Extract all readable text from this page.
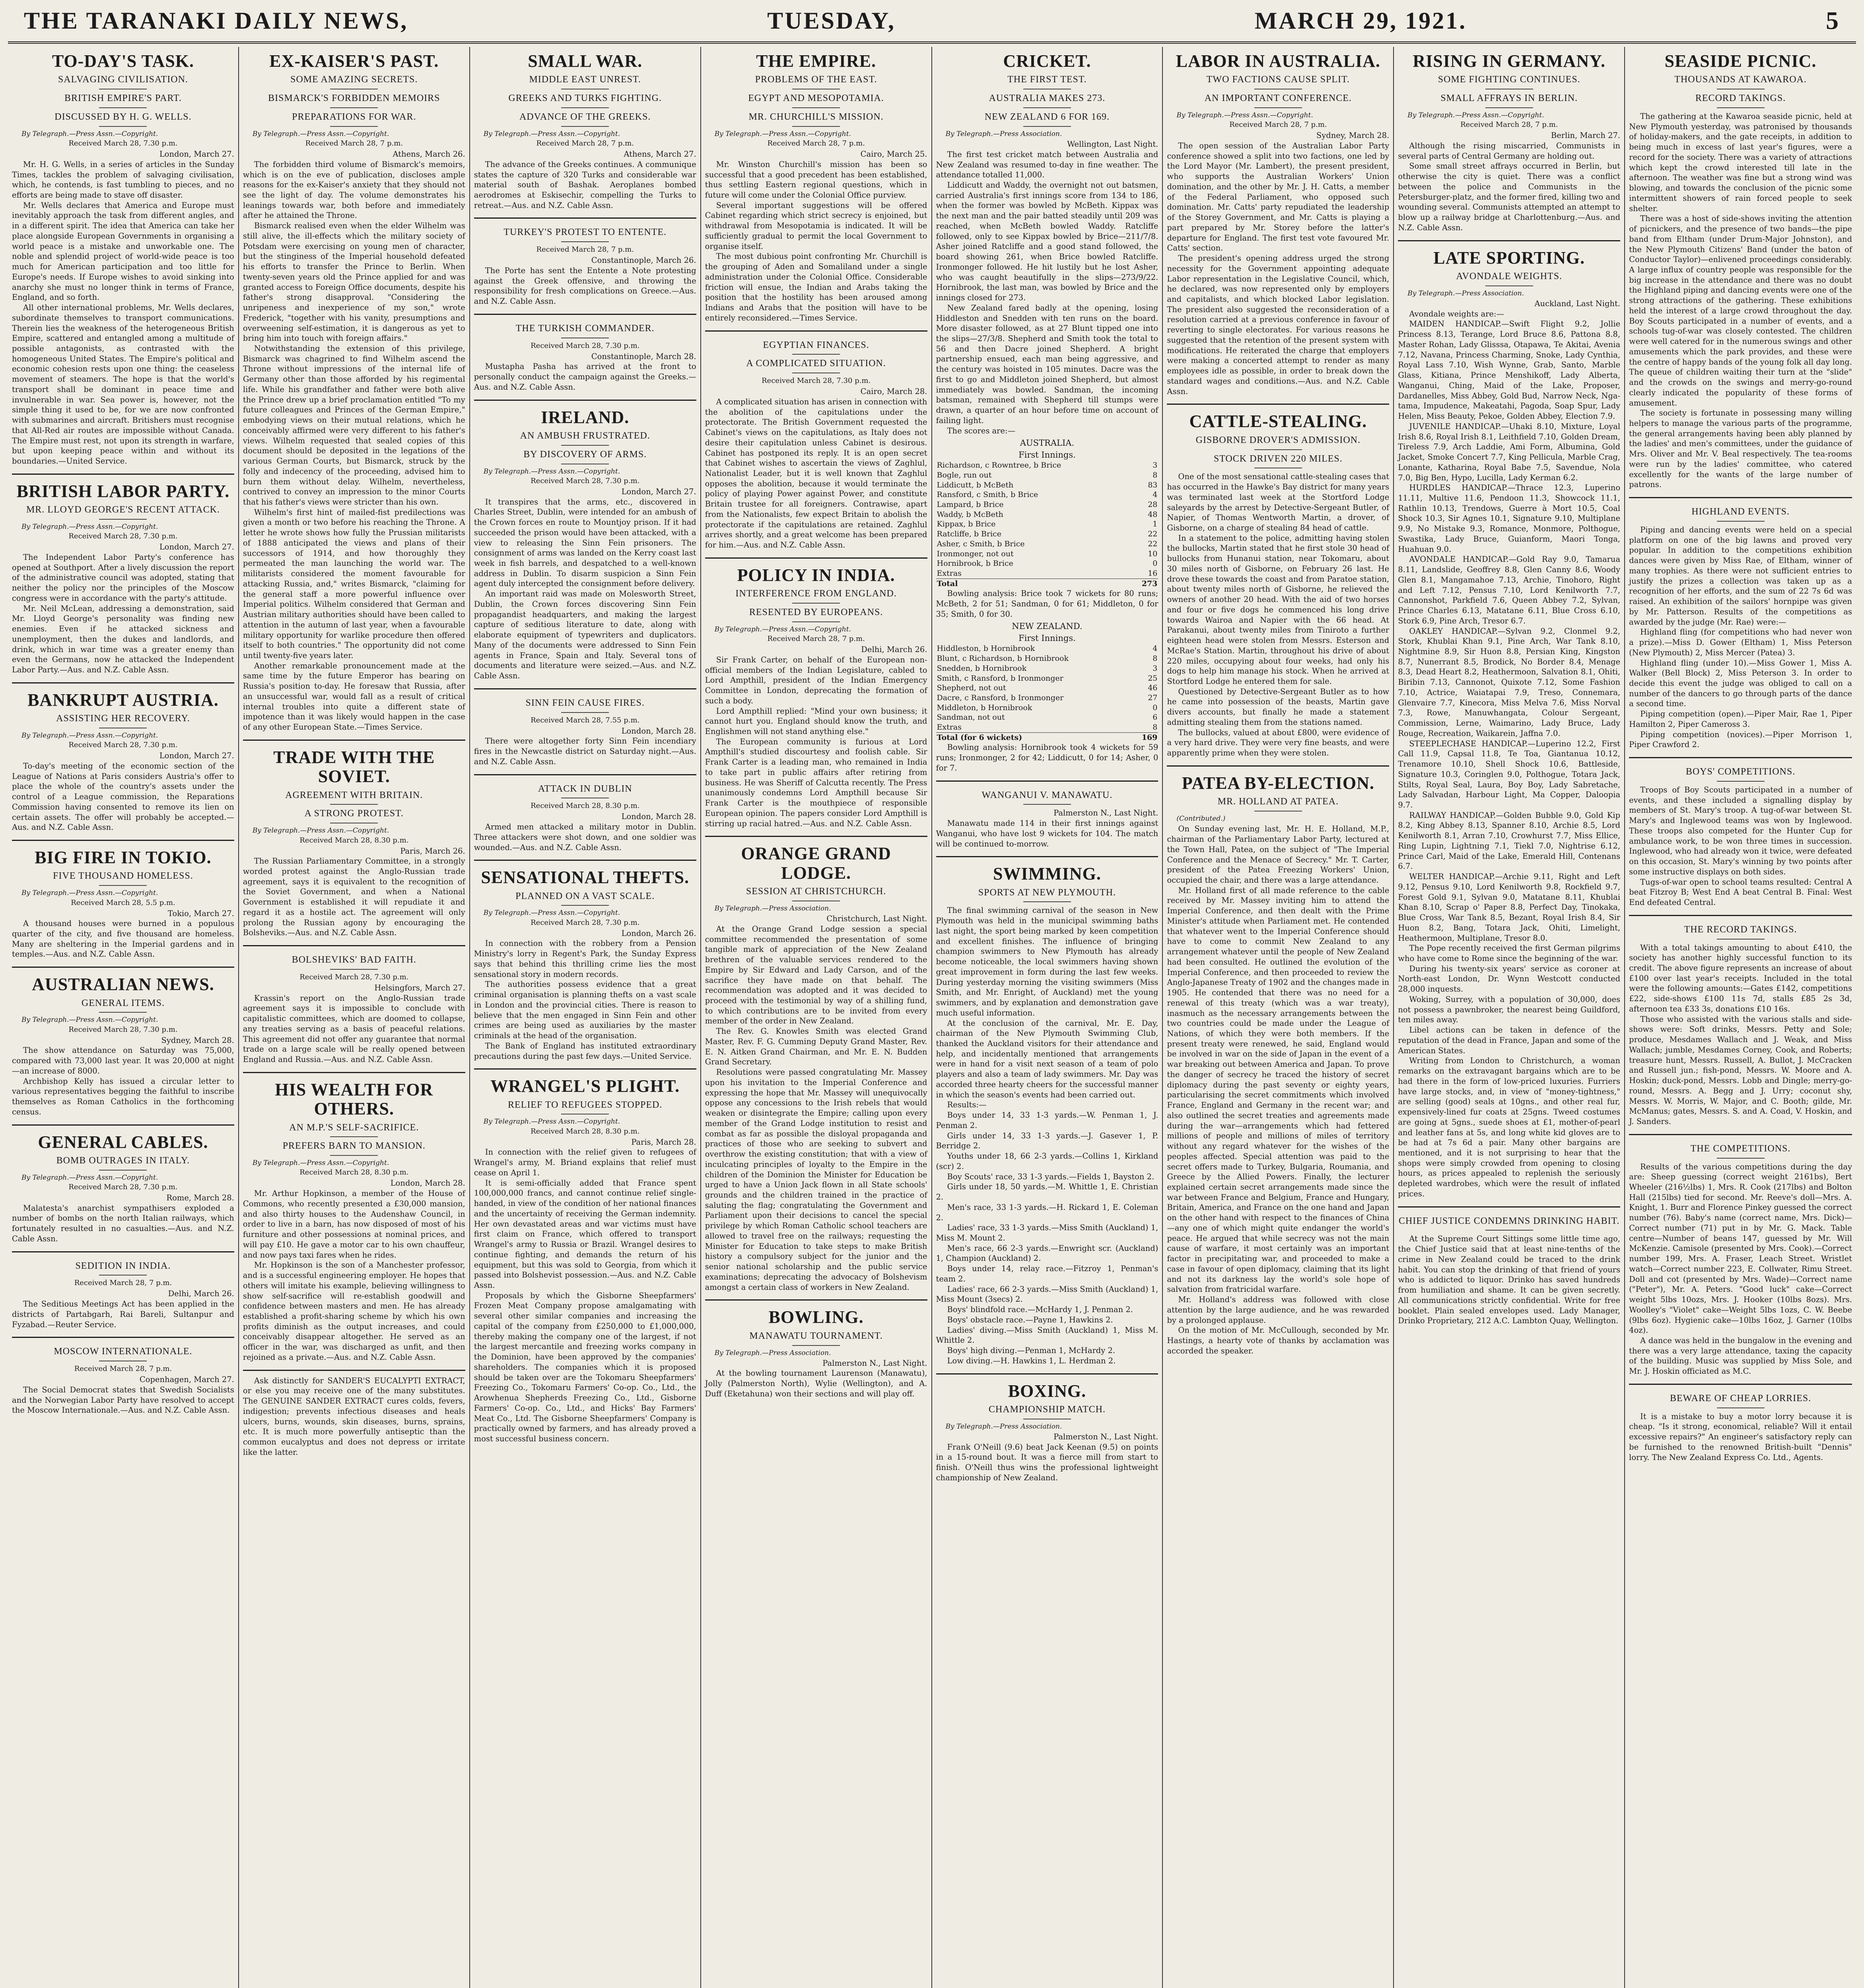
THE TARANAKI DAILY NEWS,	TUESDAY,	MARCH 29, 1921.	5
TO-DAY'S TASK.
SALVAGING CIVILISATION.
BRITISH EMPIRE'S PART.
DISCUSSED BY H. G. WELLS.
By Telegraph.—Press Assn.—Copyright.
Received March 28, 7.30 p.m.

London, March 27.

Mr. H. G. Wells, in a series of articles in the Sunday Times, tackles the problem of salvaging civilisation, which, he contends, is fast tumbling to pieces, and no efforts are being made to stave off disaster.

Mr. Wells declares that America and Europe must inevitably approach the task from different angles, and in a different spirit. The idea that America can take her place alongside European Governments in organising a world peace is a mistake and unworkable one. The noble and splendid project of world-wide peace is too much for American participation and too little for Europe's needs. If Europe wishes to avoid sinking into anarchy she must no longer think in terms of France, England, and so forth.

All other international problems, Mr. Wells declares, subordinate themselves to transport communications. Therein lies the weakness of the heterogeneous British Empire, scattered and entangled among a multitude of possible antagonists, as contrasted with the homogeneous United States. The Empire's political and economic cohesion rests upon one thing: the ceaseless movement of steamers. The hope is that the world's transport shall be dominant in peace time and invulnerable in war. Sea power is, however, not the simple thing it used to be, for we are now confronted with submarines and aircraft. Britishers must recognise that All-Red air routes are impossible without Canada. The Empire must rest, not upon its strength in warfare, but upon keeping peace within and without its boundaries.—United Service.

BRITISH LABOR PARTY.
MR. LLOYD GEORGE'S RECENT ATTACK.
By Telegraph.—Press Assn.—Copyright.
Received March 28, 7.30 p.m.

London, March 27.

The Independent Labor Party's conference has opened at Southport. After a lively discussion the report of the administrative council was adopted, stating that neither the policy nor the principles of the Moscow congress were in accordance with the party's attitude.

Mr. Neil McLean, addressing a demonstration, said Mr. Lloyd George's personality was finding new enemies. Even if he attacked sickness and unemployment, then the dukes and landlords, and drink, which in war time was a greater enemy than even the Germans, now he attacked the Independent Labor Party.—Aus. and N.Z. Cable Assn.

BANKRUPT AUSTRIA.
ASSISTING HER RECOVERY.
By Telegraph.—Press Assn.—Copyright.
Received March 28, 7.30 p.m.

London, March 27.

To-day's meeting of the economic section of the League of Nations at Paris considers Austria's offer to place the whole of the country's assets under the control of a League commission, the Reparations Commission having consented to remove its lien on certain assets. The offer will probably be accepted.—Aus. and N.Z. Cable Assn.

BIG FIRE IN TOKIO.
FIVE THOUSAND HOMELESS.
By Telegraph.—Press Assn.—Copyright.
Received March 28, 5.5 p.m.

Tokio, March 27.

A thousand houses were burned in a populous quarter of the city, and five thousand are homeless. Many are sheltering in the Imperial gardens and in temples.—Aus. and N.Z. Cable Assn.

AUSTRALIAN NEWS.
GENERAL ITEMS.
By Telegraph.—Press Assn.—Copyright.
Received March 28, 7.30 p.m.

Sydney, March 28.

The show attendance on Saturday was 75,000, compared with 73,000 last year. It was 20,000 at night—an increase of 8000.

Archbishop Kelly has issued a circular letter to various representatives begging the faithful to inscribe themselves as Roman Catholics in the forthcoming census.

GENERAL CABLES.
BOMB OUTRAGES IN ITALY.
By Telegraph.—Press Assn.—Copyright.
Received March 28, 7.30 p.m.

Rome, March 28.

Malatesta's anarchist sympathisers exploded a number of bombs on the north Italian railways, which fortunately resulted in no casualties.—Aus. and N.Z. Cable Assn.

SEDITION IN INDIA.
Received March 28, 7 p.m.

Delhi, March 26.

The Seditious Meetings Act has been applied in the districts of Partabgarh, Rai Bareli, Sultanpur and Fyzabad.—Reuter Service.

MOSCOW INTERNATIONALE.
Received March 28, 7 p.m.

Copenhagen, March 27.

The Social Democrat states that Swedish Socialists and the Norwegian Labor Party have resolved to accept the Moscow Internationale.—Aus. and N.Z. Cable Assn.

EX-KAISER'S PAST.
SOME AMAZING SECRETS.
BISMARCK'S FORBIDDEN MEMOIRS
PREPARATIONS FOR WAR.
By Telegraph.—Press Assn.—Copyright.
Received March 28, 7 p.m.

Athens, March 26.

The forbidden third volume of Bismarck's memoirs, which is on the eve of publication, discloses ample reasons for the ex-Kaiser's anxiety that they should not see the light of day. The volume demonstrates his leanings towards war, both before and immediately after he attained the Throne.

Bismarck realised even when the elder Wilhelm was still alive, the ill-effects which the military society of Potsdam were exercising on young men of character, but the stinginess of the Imperial household defeated his efforts to transfer the Prince to Berlin. When twenty-seven years old the Prince applied for and was granted access to Foreign Office documents, despite his father's strong disapproval. "Considering the unripeness and inexperience of my son," wrote Frederick, "together with his vanity, presumptions and overweening self-estimation, it is dangerous as yet to bring him into touch with foreign affairs."

Notwithstanding the extension of this privilege, Bismarck was chagrined to find Wilhelm ascend the Throne without impressions of the internal life of Germany other than those afforded by his regimental life. While his grandfather and father were both alive the Prince drew up a brief proclamation entitled "To my future colleagues and Princes of the German Empire," embodying views on their mutual relations, which he conceivably affirmed were very different to his father's views. Wilhelm requested that sealed copies of this document should be deposited in the legations of the various German Courts, but Bismarck, struck by the folly and indecency of the proceeding, advised him to burn them without delay. Wilhelm, nevertheless, contrived to convey an impression to the minor Courts that his father's views were stricter than his own.

Wilhelm's first hint of mailed-fist predilections was given a month or two before his reaching the Throne. A letter he wrote shows how fully the Prussian militarists of 1888 anticipated the views and plans of their successors of 1914, and how thoroughly they permeated the man launching the world war. The militarists considered the moment favourable for attacking Russia, and," writes Bismarck, "claiming for the general staff a more powerful influence over Imperial politics. Wilhelm considered that German and Austrian military authorities should have been called to attention in the autumn of last year, when a favourable military opportunity for warlike procedure then offered itself to both countries." The opportunity did not come until twenty-five years later.

Another remarkable pronouncement made at the same time by the future Emperor has bearing on Russia's position to-day. He foresaw that Russia, after an unsuccessful war, would fall as a result of critical internal troubles into quite a different state of impotence than it was likely would happen in the case of any other European State.—Times Service.

TRADE WITH THE SOVIET.
AGREEMENT WITH BRITAIN.
A STRONG PROTEST.
By Telegraph.—Press Assn.—Copyright.
Received March 28, 8.30 p.m.

Paris, March 26.

The Russian Parliamentary Committee, in a strongly worded protest against the Anglo-Russian trade agreement, says it is equivalent to the recognition of the Soviet Government, and when a National Government is established it will repudiate it and regard it as a hostile act. The agreement will only prolong the Russian agony by encouraging the Bolsheviks.—Aus. and N.Z. Cable Assn.

BOLSHEVIKS' BAD FAITH.
Received March 28, 7.30 p.m.

Helsingfors, March 27.

Krassin's report on the Anglo-Russian trade agreement says it is impossible to conclude with capitalistic committees, which are doomed to collapse, any treaties serving as a basis of peaceful relations. This agreement did not offer any guarantee that normal trade on a large scale will be really opened between England and Russia.—Aus. and N.Z. Cable Assn.

HIS WEALTH FOR OTHERS.
AN M.P.'S SELF-SACRIFICE.
PREFERS BARN TO MANSION.
By Telegraph.—Press Assn.—Copyright.
Received March 28, 8.30 p.m.

London, March 28.

Mr. Arthur Hopkinson, a member of the House of Commons, who recently presented a £30,000 mansion, and also thirty houses to the Audenshaw Council, in order to live in a barn, has now disposed of most of his furniture and other possessions at nominal prices, and will pay £10. He gave a motor car to his own chauffeur, and now pays taxi fares when he rides.

Mr. Hopkinson is the son of a Manchester professor, and is a successful engineering employer. He hopes that others will imitate his example, believing willingness to show self-sacrifice will re-establish goodwill and confidence between masters and men. He has already established a profit-sharing scheme by which his own profits diminish as the output increases, and could conceivably disappear altogether. He served as an officer in the war, was discharged as unfit, and then rejoined as a private.—Aus. and N.Z. Cable Assn.

Ask distinctly for SANDER'S EUCALYPTI EXTRACT, or else you may receive one of the many substitutes. The GENUINE SANDER EXTRACT cures colds, fevers, indigestion; prevents infectious diseases and heals ulcers, burns, wounds, skin diseases, burns, sprains, etc. It is much more powerfully antiseptic than the common eucalyptus and does not depress or irritate like the latter.

SMALL WAR.
MIDDLE EAST UNREST.
GREEKS AND TURKS FIGHTING.
ADVANCE OF THE GREEKS.
By Telegraph.—Press Assn.—Copyright.
Received March 28, 7 p.m.

Athens, March 27.

The advance of the Greeks continues. A communique states the capture of 320 Turks and considerable war material south of Bashak. Aeroplanes bombed aerodromes at Eskisechir, compelling the Turks to retreat.—Aus. and N.Z. Cable Assn.

TURKEY'S PROTEST TO ENTENTE.
Received March 28, 7 p.m.

Constantinople, March 26.

The Porte has sent the Entente a Note protesting against the Greek offensive, and throwing the responsibility for fresh complications on Greece.—Aus. and N.Z. Cable Assn.

THE TURKISH COMMANDER.
Received March 28, 7.30 p.m.

Constantinople, March 28.

Mustapha Pasha has arrived at the front to personally conduct the campaign against the Greeks.—Aus. and N.Z. Cable Assn.

IRELAND.
AN AMBUSH FRUSTRATED.
BY DISCOVERY OF ARMS.
By Telegraph.—Press Assn.—Copyright.
Received March 28, 7.30 p.m.

London, March 27.

It transpires that the arms, etc., discovered in Charles Street, Dublin, were intended for an ambush of the Crown forces en route to Mountjoy prison. If it had succeeded the prison would have been attacked, with a view to releasing the Sinn Fein prisoners. The consignment of arms was landed on the Kerry coast last week in fish barrels, and despatched to a well-known address in Dublin. To disarm suspicion a Sinn Fein agent duly intercepted the consignment before delivery.

An important raid was made on Molesworth Street, Dublin, the Crown forces discovering Sinn Fein propagandist headquarters, and making the largest capture of seditious literature to date, along with elaborate equipment of typewriters and duplicators. Many of the documents were addressed to Sinn Fein agents in France, Spain and Italy. Several tons of documents and literature were seized.—Aus. and N.Z. Cable Assn.

SINN FEIN CAUSE FIRES.
Received March 28, 7.55 p.m.

London, March 28.

There were altogether forty Sinn Fein incendiary fires in the Newcastle district on Saturday night.—Aus. and N.Z. Cable Assn.

ATTACK IN DUBLIN
Received March 28, 8.30 p.m.

London, March 28.

Armed men attacked a military motor in Dublin. Three attackers were shot down, and one soldier was wounded.—Aus. and N.Z. Cable Assn.

SENSATIONAL THEFTS.
PLANNED ON A VAST SCALE.
By Telegraph.—Press Assn.—Copyright.
Received March 28, 7.30 p.m.

London, March 26.

In connection with the robbery from a Pension Ministry's lorry in Regent's Park, the Sunday Express says that behind this thrilling crime lies the most sensational story in modern records.

The authorities possess evidence that a great criminal organisation is planning thefts on a vast scale in London and the provincial cities. There is reason to believe that the men engaged in Sinn Fein and other crimes are being used as auxiliaries by the master criminals at the head of the organisation.

The Bank of England has instituted extraordinary precautions during the past few days.—United Service.

WRANGEL'S PLIGHT.
RELIEF TO REFUGEES STOPPED.
By Telegraph.—Press Assn.—Copyright.
Received March 28, 8.30 p.m.

Paris, March 28.

In connection with the relief given to refugees of Wrangel's army, M. Briand explains that relief must cease on April 1.

It is semi-officially added that France spent 100,000,000 francs, and cannot continue relief single-handed, in view of the condition of her national finances and the uncertainty of receiving the German indemnity. Her own devastated areas and war victims must have first claim on France, which offered to transport Wrangel's army to Russia or Brazil. Wrangel desires to continue fighting, and demands the return of his equipment, but this was sold to Georgia, from which it passed into Bolshevist possession.—Aus. and N.Z. Cable Assn.

Proposals by which the Gisborne Sheepfarmers' Frozen Meat Company propose amalgamating with several other similar companies and increasing the capital of the company from £250,000 to £1,000,000, thereby making the company one of the largest, if not the largest mercantile and freezing works company in the Dominion, have been approved by the companies' shareholders. The companies which it is proposed should be taken over are the Tokomaru Sheepfarmers' Freezing Co., Tokomaru Farmers' Co-op. Co., Ltd., the Arowhenua Shepherds Freezing Co., Ltd., Gisborne Farmers' Co-op. Co., Ltd., and Hicks' Bay Farmers' Meat Co., Ltd. The Gisborne Sheepfarmers' Company is practically owned by farmers, and has already proved a most successful business concern.

THE EMPIRE.
PROBLEMS OF THE EAST.
EGYPT AND MESOPOTAMIA.
MR. CHURCHILL'S MISSION.
By Telegraph.—Press Assn.—Copyright.
Received March 28, 7 p.m.

Cairo, March 25.

Mr. Winston Churchill's mission has been so successful that a good precedent has been established, thus settling Eastern regional questions, which in future will come under the Colonial Office purview.

Several important suggestions will be offered Cabinet regarding which strict secrecy is enjoined, but withdrawal from Mesopotamia is indicated. It will be sufficiently gradual to permit the local Government to organise itself.

The most dubious point confronting Mr. Churchill is the grouping of Aden and Somaliland under a single administration under the Colonial Office. Considerable friction will ensue, the Indian and Arabs taking the position that the hostility has been aroused among Indians and Arabs that the position will have to be entirely reconsidered.—Times Service.

EGYPTIAN FINANCES.
A COMPLICATED SITUATION.
Received March 28, 7.30 p.m.

Cairo, March 28.

A complicated situation has arisen in connection with the abolition of the capitulations under the protectorate. The British Government requested the Cabinet's views on the capitulations, as Italy does not desire their capitulation unless Cabinet is desirous. Cabinet has postponed its reply. It is an open secret that Cabinet wishes to ascertain the views of Zaghlul, Nationalist Leader, but it is well known that Zaghlul opposes the abolition, because it would terminate the policy of playing Power against Power, and constitute Britain trustee for all foreigners. Contrawise, apart from the Nationalists, few expect Britain to abolish the protectorate if the capitulations are retained. Zaghlul arrives shortly, and a great welcome has been prepared for him.—Aus. and N.Z. Cable Assn.

POLICY IN INDIA.
INTERFERENCE FROM ENGLAND.
RESENTED BY EUROPEANS.
By Telegraph.—Press Assn.—Copyright.
Received March 28, 7 p.m.

Delhi, March 26.

Sir Frank Carter, on behalf of the European non-official members of the Indian Legislature, cabled to Lord Ampthill, president of the Indian Emergency Committee in London, deprecating the formation of such a body.

Lord Ampthill replied: "Mind your own business; it cannot hurt you. England should know the truth, and Englishmen will not stand anything else."

The European community is furious at Lord Ampthill's studied discourtesy and foolish cable. Sir Frank Carter is a leading man, who remained in India to take part in public affairs after retiring from business. He was Sheriff of Calcutta recently. The Press unanimously condemns Lord Ampthill because Sir Frank Carter is the mouthpiece of responsible European opinion. The papers consider Lord Ampthill is stirring up racial hatred.—Aus. and N.Z. Cable Assn.

ORANGE GRAND LODGE.
SESSION AT CHRISTCHURCH.
By Telegraph.—Press Association.

Christchurch, Last Night.

At the Orange Grand Lodge session a special committee recommended the presentation of some tangible mark of appreciation of the New Zealand brethren of the valuable services rendered to the Empire by Sir Edward and Lady Carson, and of the sacrifice they have made on that behalf. The recommendation was adopted and it was decided to proceed with the testimonial by way of a shilling fund, to which contributions are to be invited from every member of the order in New Zealand.

The Rev. G. Knowles Smith was elected Grand Master, Rev. F. G. Cumming Deputy Grand Master, Rev. E. N. Aitken Grand Chairman, and Mr. E. N. Budden Grand Secretary.

Resolutions were passed congratulating Mr. Massey upon his invitation to the Imperial Conference and expressing the hope that Mr. Massey will unequivocally oppose any concessions to the Irish rebels that would weaken or disintegrate the Empire; calling upon every member of the Grand Lodge institution to resist and combat as far as possible the disloyal propaganda and practices of those who are seeking to subvert and overthrow the existing constitution; that with a view of inculcating principles of loyalty to the Empire in the children of the Dominion the Minister for Education be urged to have a Union Jack flown in all State schools' grounds and the children trained in the practice of saluting the flag; congratulating the Government and Parliament upon their decisions to cancel the special privilege by which Roman Catholic school teachers are allowed to travel free on the railways; requesting the Minister for Education to take steps to make British history a compulsory subject for the junior and the senior national scholarship and the public service examinations; deprecating the advocacy of Bolshevism amongst a certain class of workers in New Zealand.

BOWLING.
MANAWATU TOURNAMENT.
By Telegraph.—Press Association.

Palmerston N., Last Night.

At the bowling tournament Laurenson (Manawatu), Jolly (Palmerston North), Wylie (Wellington), and A. Duff (Eketahuna) won their sections and will play off.

CRICKET.
THE FIRST TEST.
AUSTRALIA MAKES 273.
NEW ZEALAND 6 FOR 169.
By Telegraph.—Press Association.

Wellington, Last Night.

The first test cricket match between Australia and New Zealand was resumed to-day in fine weather. The attendance totalled 11,000.

Liddicutt and Waddy, the overnight not out batsmen, carried Australia's first innings score from 134 to 186, when the former was bowled by McBeth. Kippax was the next man and the pair batted steadily until 209 was reached, when McBeth bowled Waddy. Ratcliffe followed, only to see Kippax bowled by Brice—211/7/8. Asher joined Ratcliffe and a good stand followed, the board showing 261, when Brice bowled Ratcliffe. Ironmonger followed. He hit lustily but he lost Asher, who was caught beautifully in the slips—273/9/22. Hornibrook, the last man, was bowled by Brice and the innings closed for 273.

New Zealand fared badly at the opening, losing Hiddleston and Snedden with ten runs on the board. More disaster followed, as at 27 Blunt tipped one into the slips—27/3/8. Shepherd and Smith took the total to 56 and then Dacre joined Shepherd. A bright partnership ensued, each man being aggressive, and the century was hoisted in 105 minutes. Dacre was the first to go and Middleton joined Shepherd, but almost immediately was bowled. Sandman, the incoming batsman, remained with Shepherd till stumps were drawn, a quarter of an hour before time on account of failing light.

The scores are:—

AUSTRALIA.
First Innings.
Richardson, c Rowntree, b Brice	3
Bogle, run out	8
Liddicutt, b McBeth	83
Ransford, c Smith, b Brice	4
Lampard, b Brice	28
Waddy, b McBeth	48
Kippax, b Brice	1
Ratcliffe, b Brice	22
Asher, c Smith, b Brice	22
Ironmonger, not out	10
Hornibrook, b Brice	0
Extras	16
Total	273

Bowling analysis: Brice took 7 wickets for 80 runs; McBeth, 2 for 51; Sandman, 0 for 61; Middleton, 0 for 35; Smith, 0 for 30.

NEW ZEALAND.
First Innings.
Hiddleston, b Hornibrook	4
Blunt, c Richardson, b Hornibrook	8
Snedden, b Hornibrook	3
Smith, c Ransford, b Ironmonger	25
Shepherd, not out	46
Dacre, c Ransford, b Ironmonger	27
Middleton, b Hornibrook	0
Sandman, not out	6
Extras	8
Total (for 6 wickets)	169

Bowling analysis: Hornibrook took 4 wickets for 59 runs; Ironmonger, 2 for 42; Liddicutt, 0 for 14; Asher, 0 for 7.

WANGANUI V. MANAWATU.

Palmerston N., Last Night.

Manawatu made 114 in their first innings against Wanganui, who have lost 9 wickets for 104. The match will be continued to-morrow.

SWIMMING.
SPORTS AT NEW PLYMOUTH.

The final swimming carnival of the season in New Plymouth was held in the municipal swimming baths last night, the sport being marked by keen competition and excellent finishes. The influence of bringing champion swimmers to New Plymouth has already become noticeable, the local swimmers having shown great improvement in form during the last few weeks. During yesterday morning the visiting swimmers (Miss Smith, and Mr. Enright, of Auckland) met the young swimmers, and by explanation and demonstration gave much useful information.

At the conclusion of the carnival, Mr. E. Day, chairman of the New Plymouth Swimming Club, thanked the Auckland visitors for their attendance and help, and incidentally mentioned that arrangements were in hand for a visit next season of a team of polo players and also a team of lady swimmers. Mr. Day was accorded three hearty cheers for the successful manner in which the season's events had been carried out.

Results:—

Boys under 14, 33 1-3 yards.—W. Penman 1, J. Penman 2.

Girls under 14, 33 1-3 yards.—J. Gasever 1, P. Berridge 2.

Youths under 18, 66 2-3 yards.—Collins 1, Kirkland (scr) 2.

Boy Scouts' race, 33 1-3 yards.—Fields 1, Bayston 2.

Girls under 18, 50 yards.—M. Whittle 1, E. Christian 2.

Men's race, 33 1-3 yards.—H. Rickard 1, E. Coleman 2.

Ladies' race, 33 1-3 yards.—Miss Smith (Auckland) 1, Miss M. Mount 2.

Men's race, 66 2-3 yards.—Enwright scr. (Auckland) 1, Champion (Auckland) 2.

Boys under 14, relay race.—Fitzroy 1, Penman's team 2.

Ladies' race, 66 2-3 yards.—Miss Smith (Auckland) 1, Miss Mount (3secs) 2.

Boys' blindfold race.—McHardy 1, J. Penman 2.

Boys' obstacle race.—Payne 1, Hawkins 2.

Ladies' diving.—Miss Smith (Auckland) 1, Miss M. Whittle 2.

Boys' high diving.—Penman 1, McHardy 2.

Low diving.—H. Hawkins 1, L. Herdman 2.

BOXING.
CHAMPIONSHIP MATCH.
By Telegraph.—Press Association.

Palmerston N., Last Night.

Frank O'Neill (9.6) beat Jack Keenan (9.5) on points in a 15-round bout. It was a fierce mill from start to finish. O'Neill thus wins the professional lightweight championship of New Zealand.

LABOR IN AUSTRALIA.
TWO FACTIONS CAUSE SPLIT.
AN IMPORTANT CONFERENCE.
By Telegraph.—Press Assn.—Copyright.
Received March 28, 7 p.m.

Sydney, March 28.

The open session of the Australian Labor Party conference showed a split into two factions, one led by the Lord Mayor (Mr. Lambert), the present president, who supports the Australian Workers' Union domination, and the other by Mr. J. H. Catts, a member of the Federal Parliament, who opposed such domination. Mr. Catts' party repudiated the leadership of the Storey Government, and Mr. Catts is playing a part prepared by Mr. Storey before the latter's departure for England. The first test vote favoured Mr. Catts' section.

The president's opening address urged the strong necessity for the Government appointing adequate Labor representation in the Legislative Council, which, he declared, was now represented only by employers and capitalists, and which blocked Labor legislation. The president also suggested the reconsideration of a resolution carried at a previous conference in favour of reverting to single electorates. For various reasons he suggested that the retention of the present system with modifications. He reiterated the charge that employers were making a concerted attempt to render as many employees idle as possible, in order to break down the standard wages and conditions.—Aus. and N.Z. Cable Assn.

CATTLE-STEALING.
GISBORNE DROVER'S ADMISSION.
STOCK DRIVEN 220 MILES.

One of the most sensational cattle-stealing cases that has occurred in the Hawke's Bay district for many years was terminated last week at the Stortford Lodge saleyards by the arrest by Detective-Sergeant Butler, of Napier, of Thomas Wentworth Martin, a drover, of Gisborne, on a charge of stealing 84 head of cattle.

In a statement to the police, admitting having stolen the bullocks, Martin stated that he first stole 30 head of bullocks from Hunanui station, near Tokomaru, about 30 miles north of Gisborne, on February 26 last. He drove these towards the coast and from Paratoe station, about twenty miles north of Gisborne, he relieved the owners of another 20 head. With the aid of two horses and four or five dogs he commenced his long drive towards Wairoa and Napier with the 66 head. At Parakanui, about twenty miles from Tiniroto a further eighteen head were stolen from Messrs. Esterson and McRae's Station. Martin, throughout his drive of about 220 miles, occupying about four weeks, had only his dogs to help him manage his stock. When he arrived at Stortford Lodge he entered them for sale.

Questioned by Detective-Sergeant Butler as to how he came into possession of the beasts, Martin gave divers accounts, but finally he made a statement admitting stealing them from the stations named.

The bullocks, valued at about £800, were evidence of a very hard drive. They were very fine beasts, and were apparently prime when they were stolen.

PATEA BY-ELECTION.
MR. HOLLAND AT PATEA.
(Contributed.)

On Sunday evening last, Mr. H. E. Holland, M.P., chairman of the Parliamentary Labor Party, lectured at the Town Hall, Patea, on the subject of "The Imperial Conference and the Menace of Secrecy." Mr. T. Carter, president of the Patea Freezing Workers' Union, occupied the chair, and there was a large attendance.

Mr. Holland first of all made reference to the cable received by Mr. Massey inviting him to attend the Imperial Conference, and then dealt with the Prime Minister's attitude when Parliament met. He contended that whatever went to the Imperial Conference should have to come to commit New Zealand to any arrangement whatever until the people of New Zealand had been consulted. He outlined the evolution of the Imperial Conference, and then proceeded to review the Anglo-Japanese Treaty of 1902 and the changes made in 1905. He contended that there was no need for a renewal of this treaty (which was a war treaty), inasmuch as the necessary arrangements between the two countries could be made under the League of Nations, of which they were both members. If the present treaty were renewed, he said, England would be involved in war on the side of Japan in the event of a war breaking out between America and Japan. To prove the danger of secrecy he traced the history of secret diplomacy during the past seventy or eighty years, particularising the secret commitments which involved France, England and Germany in the recent war; and also outlined the secret treaties and agreements made during the war—arrangements which had fettered millions of people and millions of miles of territory without any regard whatever for the wishes of the peoples affected. Special attention was paid to the secret offers made to Turkey, Bulgaria, Roumania, and Greece by the Allied Powers. Finally, the lecturer explained certain secret arrangements made since the war between France and Belgium, France and Hungary, Britain, America, and France on the one hand and Japan on the other hand with respect to the finances of China—any one of which might quite endanger the world's peace. He argued that while secrecy was not the main cause of warfare, it most certainly was an important factor in precipitating war, and proceeded to make a case in favour of open diplomacy, claiming that its light and not its darkness lay the world's sole hope of salvation from fratricidal warfare.

Mr. Holland's address was followed with close attention by the large audience, and he was rewarded by a prolonged applause.

On the motion of Mr. McCullough, seconded by Mr. Hastings, a hearty vote of thanks by acclamation was accorded the speaker.

RISING IN GERMANY.
SOME FIGHTING CONTINUES.
SMALL AFFRAYS IN BERLIN.
By Telegraph.—Press Assn.—Copyright.
Received March 28, 7 p.m.

Berlin, March 27.

Although the rising miscarried, Communists in several parts of Central Germany are holding out.

Some small street affrays occurred in Berlin, but otherwise the city is quiet. There was a conflict between the police and Communists in the Petersburger-platz, and the former fired, killing two and wounding several. Communists attempted an attempt to blow up a railway bridge at Charlottenburg.—Aus. and N.Z. Cable Assn.

LATE SPORTING.
AVONDALE WEIGHTS.
By Telegraph.—Press Association.

Auckland, Last Night.

Avondale weights are:—

MAIDEN HANDICAP.—Swift Flight 9.2, Jollie Princess 8.13, Terange, Lord Bruce 8.6, Pattona 8.8, Master Rohan, Lady Glisssa, Otapawa, Te Akitai, Avenia 7.12, Navana, Princess Charming, Snoke, Lady Cynthia, Royal Lass 7.10, Wish Wynne, Grab, Santo, Marble Glass, Kitiana, Prince Menshikoff, Lady Alberta, Wanganui, Ching, Maid of the Lake, Proposer, Dardanelles, Miss Abbey, Gold Bud, Narrow Neck, Nga-tama, Impudence, Makeatahi, Pagoda, Soap Spur, Lady Helen, Miss Beauty, Pekoe, Golden Abbey, Election 7.9.

JUVENILE HANDICAP.—Uhaki 8.10, Mixture, Loyal Irish 8.6, Royal Irish 8.1, Leithfield 7.10, Golden Dream, Tireless 7.9, Arch Laddie, Ami Form, Albumina, Gold Jacket, Smoke Concert 7.7, King Pellicula, Marble Crag, Lonante, Katharina, Royal Babe 7.5, Savendue, Nola 7.0, Big Ben, Hypo, Lucilla, Lady Kerman 6.2.

HURDLES HANDICAP.—Thrace 12.3, Luperino 11.11, Multive 11.6, Pendoon 11.3, Showcock 11.1, Rathlin 10.13, Trendows, Guerre à Mort 10.5, Coal Shock 10.3, Sir Agnes 10.1, Signature 9.10, Multiplane 9.9, No Mistake 9.3, Romance, Monmore, Polthogue, Swastika, Lady Bruce, Guianform, Maori Tonga, Huahuan 9.0.

AVONDALE HANDICAP.—Gold Ray 9.0, Tamarua 8.11, Landslide, Geoffrey 8.8, Glen Canny 8.6, Woody Glen 8.1, Mangamahoe 7.13, Archie, Tinohoro, Right and Left 7.12, Pensus 7.10, Lord Kenilworth 7.7, Cannonshot, Parkfield 7.6, Queen Abbey 7.2, Sylvan, Prince Charles 6.13, Matatane 6.11, Blue Cross 6.10, Stork 6.9, Pine Arch, Tresor 6.7.

OAKLEY HANDICAP.—Sylvan 9.2, Clonmel 9.2, Stork, Khublai Khan 9.1, Pine Arch, War Tank 8.10, Nightmine 8.9, Sir Huon 8.8, Persian King, Kingston 8.7, Nunerrant 8.5, Brodick, No Border 8.4, Menage 8.3, Dead Heart 8.2, Heathermoon, Salvation 8.1, Ohiti, Biribin 7.13, Cannonot, Quixote 7.12, Some Fashion 7.10, Actrice, Waiatapai 7.9, Treso, Connemara, Glenvaire 7.7, Kinecora, Miss Melva 7.6, Miss Norval 7.3, Rowe, Manuwhangata, Colour Sergeant, Commission, Lerne, Waimarino, Lady Bruce, Lady Rouge, Recreation, Waikarein, Jaffna 7.0.

STEEPLECHASE HANDICAP.—Luperino 12.2, First Call 11.9, Capsal 11.8, Te Toa, Giantanua 10.12, Trenamore 10.10, Shell Shock 10.6, Battleside, Signature 10.3, Coringlen 9.0, Polthogue, Totara Jack, Stilts, Royal Seal, Laura, Boy Boy, Lady Sabretache, Lady Salvadan, Harbour Light, Ma Copper, Daloopia 9.7.

RAILWAY HANDICAP.—Golden Bubble 9.0, Gold Kip 8.2, King Abbey 8.13, Spanner 8.10, Archie 8.5, Lord Kenilworth 8.1, Arran 7.10, Crowhurst 7.7, Miss Ellice, Ring Lupin, Lightning 7.1, Tiekl 7.0, Nightrise 6.12, Prince Carl, Maid of the Lake, Emerald Hill, Contenans 6.7.

WELTER HANDICAP.—Archie 9.11, Right and Left 9.12, Pensus 9.10, Lord Kenilworth 9.8, Rockfield 9.7, Forest Gold 9.1, Sylvan 9.0, Matatane 8.11, Khublai Khan 8.10, Scrap o' Paper 8.8, Perfect Day, Tinokaka, Blue Cross, War Tank 8.5, Bezant, Royal Irish 8.4, Sir Huon 8.2, Bang, Totara Jack, Ohiti, Limelight, Heathermoon, Multiplane, Tresor 8.0.

The Pope recently received the first German pilgrims who have come to Rome since the beginning of the war.

During his twenty-six years' service as coroner at North-east London, Dr. Wynn Westcott conducted 28,000 inquests.

Woking, Surrey, with a population of 30,000, does not possess a pawnbroker, the nearest being Guildford, ten miles away.

Libel actions can be taken in defence of the reputation of the dead in France, Japan and some of the American States.

Writing from London to Christchurch, a woman remarks on the extravagant bargains which are to be had there in the form of low-priced luxuries. Furriers have large stocks, and, in view of "money-tightness," are selling (good) seals at 10gns., and other real fur, expensively-lined fur coats at 25gns. Tweed costumes are going at 5gns., suede shoes at £1, mother-of-pearl and leather fans at 5s, and long white kid gloves are to be had at 7s 6d a pair. Many other bargains are mentioned, and it is not surprising to hear that the shops were simply crowded from opening to closing hours, as prices appealed to replenish the seriously depleted wardrobes, which were the result of inflated prices.

CHIEF JUSTICE CONDEMNS DRINKING HABIT.

At the Supreme Court Sittings some little time ago, the Chief Justice said that at least nine-tenths of the crime in New Zealand could be traced to the drink habit. You can stop the drinking of that friend of yours who is addicted to liquor. Drinko has saved hundreds from humiliation and shame. It can be given secretly. All communications strictly confidential. Write for free booklet. Plain sealed envelopes used. Lady Manager, Drinko Proprietary, 212 A.C. Lambton Quay, Wellington.

SEASIDE PICNIC.
THOUSANDS AT KAWAROA.
RECORD TAKINGS.

The gathering at the Kawaroa seaside picnic, held at New Plymouth yesterday, was patronised by thousands of holiday-makers, and the gate receipts, in addition to being much in excess of last year's figures, were a record for the society. There was a variety of attractions which kept the crowd interested till late in the afternoon. The weather was fine but a strong wind was blowing, and towards the conclusion of the picnic some intermittent showers of rain forced people to seek shelter.

There was a host of side-shows inviting the attention of picnickers, and the presence of two bands—the pipe band from Eltham (under Drum-Major Johnston), and the New Plymouth Citizens' Band (under the baton of Conductor Taylor)—enlivened proceedings considerably. A large influx of country people was responsible for the big increase in the attendance and there was no doubt the Highland piping and dancing events were one of the strong attractions of the gathering. These exhibitions held the interest of a large crowd throughout the day. Boy Scouts participated in a number of events, and a schools tug-of-war was closely contested. The children were well catered for in the numerous swings and other amusements which the park provides, and these were the centre of happy bands of the young folk all day long. The queue of children waiting their turn at the "slide" and the crowds on the swings and merry-go-round clearly indicated the popularity of these forms of amusement.

The society is fortunate in possessing many willing helpers to manage the various parts of the programme, the general arrangements having been ably planned by the ladies' and men's committees, under the guidance of Mrs. Oliver and Mr. V. Beal respectively. The tea-rooms were run by the ladies' committee, who catered excellently for the wants of the large number of patrons.

HIGHLAND EVENTS.

Piping and dancing events were held on a special platform on one of the big lawns and proved very popular. In addition to the competitions exhibition dances were given by Miss Rae, of Eltham, winner of many trophies. As there were not sufficient entries to justify the prizes a collection was taken up as a recognition of her efforts, and the sum of 22 7s 6d was raised. An exhibition of the sailors' hornpipe was given by Mr. Patterson. Results of the competitions as awarded by the judge (Mr. Rae) were:—

Highland fling (for competitions who had never won a prize).—Miss D. Gower (Eltham) 1, Miss Peterson (New Plymouth) 2, Miss Mercer (Patea) 3.

Highland fling (under 10).—Miss Gower 1, Miss A. Walker (Bell Block) 2, Miss Peterson 3. In order to decide this event the judge was obliged to call on a number of the dancers to go through parts of the dance a second time.

Piping competition (open).—Piper Mair, Rae 1, Piper Hamilton 2, Piper Cameross 3.

Piping competition (novices).—Piper Morrison 1, Piper Crawford 2.

BOYS' COMPETITIONS.

Troops of Boy Scouts participated in a number of events, and these included a signalling display by members of St. Mary's troop. A tug-of-war between St. Mary's and Inglewood teams was won by Inglewood. These troops also competed for the Hunter Cup for ambulance work, to be won three times in succession. Inglewood, who had already won it twice, were defeated on this occasion, St. Mary's winning by two points after some instructive displays on both sides.

Tugs-of-war open to school teams resulted: Central A beat Fitzroy B; West End A beat Central B. Final: West End defeated Central.

THE RECORD TAKINGS.

With a total takings amounting to about £410, the society has another highly successful function to its credit. The above figure represents an increase of about £100 over last year's receipts. Included in the total were the following amounts:—Gates £142, competitions £22, side-shows £100 11s 7d, stalls £85 2s 3d, afternoon tea £33 3s, donations £10 16s.

Those who assisted with the various stalls and side-shows were: Soft drinks, Messrs. Petty and Sole; produce, Mesdames Wallach and J. Weak, and Miss Wallach; jumble, Mesdames Corney, Cook, and Roberts; treasure hunt, Messrs. Russell, A. Bullot, J. McCracken and Russell jun.; fish-pond, Messrs. W. Moore and A. Hoskin; duck-pond, Messrs. Lobb and Dingle; merry-go-round, Messrs. A. Begg and J. Urry; coconut shy, Messrs. W. Morris, W. Major, and C. Booth; gilde, Mr. McManus; gates, Messrs. S. and A. Coad, V. Hoskin, and J. Sanders.

THE COMPETITIONS.

Results of the various competitions during the day are: Sheep guessing (correct weight 2161bs), Bert Wheeler (216½lbs) 1, Mrs. R. Cook (217lbs) and Bolton Hall (215lbs) tied for second. Mr. Reeve's doll—Mrs. A. Knight, 1. Burr and Florence Pinkey guessed the correct number (76). Baby's name (correct name, Mrs. Dick)—Correct number (71) put in by Mr. G. Mack. Table centre—Number of beans 147, guessed by Mr. Will McKenzie. Camisole (presented by Mrs. Cook).—Correct number 199, Mrs. A. Fraser, Leach Street. Wristlet watch—Correct number 223, E. Collwater, Rimu Street. Doll and cot (presented by Mrs. Wade)—Correct name ("Peter"), Mr. A. Peters. "Good luck" cake—Correct weight 5lbs 10ozs, Mrs. J. Hooker (10lbs 8ozs). Mrs. Woolley's "Violet" cake—Weight 5lbs 1ozs, C. W. Beebe (9lbs 6oz). Hygienic cake—10lbs 16oz, J. Garner (10lbs 4oz).

A dance was held in the bungalow in the evening and there was a very large attendance, taxing the capacity of the building. Music was supplied by Miss Sole, and Mr. J. Hoskin officiated as M.C.

BEWARE OF CHEAP LORRIES.

It is a mistake to buy a motor lorry because it is cheap. "Is it strong, economical, reliable? Will it entail excessive repairs?" An engineer's satisfactory reply can be furnished to the renowned British-built "Dennis" lorry. The New Zealand Express Co. Ltd., Agents.
